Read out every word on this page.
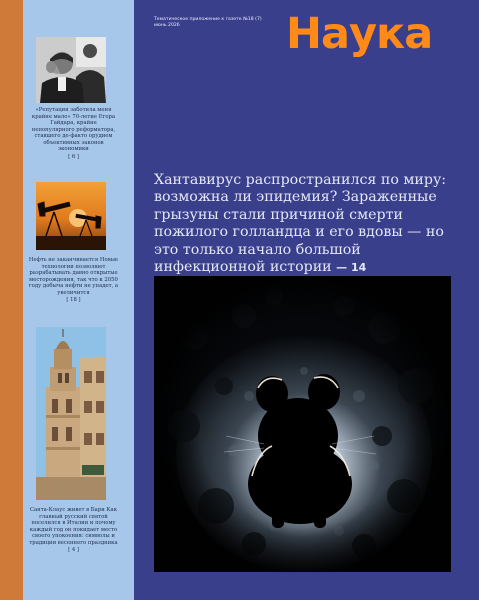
«Репутация заботила меня крайне мало» 70-летие Егора Гайдара, крайне непопулярного реформатора, ставшего де-факто орудием объективных законов экономики
[ 6 ]
Нефть не заканчивается Новые технологии позволяют разрабатывать давно открытые месторождения, так что к 2050 году добыча нефти не упадет, а увеличится
[ 18 ]
Санта-Клаус живет в Бари Как главный русский святой поселился в Италии и почему каждый год он покидает место своего упокоения: символы и традиции весеннего праздника
[ 4 ]
Тематическое приложение к газете №18 (7)
июнь 2026	Наука
Хантавирус распространился по миру: возможна ли эпидемия? Зараженные грызуны стали причиной смерти пожилого голландца и его вдовы — но это только начало большой инфекционной истории — 14
